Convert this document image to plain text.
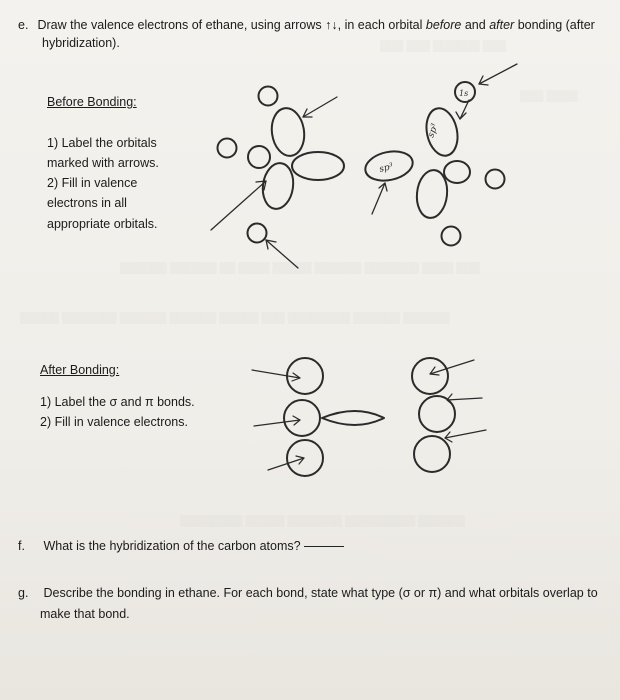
▒▒▒ ▒▒▒ ▒▒▒▒▒▒ ▒▒▒
▒▒▒ ▒▒▒▒
▒▒▒▒▒▒ ▒▒▒▒▒▒ ▒▒ ▒▒▒▒ ▒▒▒▒▒ ▒▒▒▒▒▒ ▒▒▒▒▒▒▒ ▒▒▒▒ ▒▒▒
▒▒▒▒▒ ▒▒▒▒▒▒▒ ▒▒▒▒▒▒ ▒▒▒▒▒▒ ▒▒▒▒▒ ▒▒▒ ▒▒▒▒▒▒▒▒ ▒▒▒▒▒▒ ▒▒▒▒▒▒
▒▒▒▒▒▒▒▒ ▒▒▒▒▒ ▒▒▒▒▒▒▒ ▒▒▒▒▒▒▒▒▒ ▒▒▒▒▒▒
e. Draw the valence electrons of ethane, using arrows ↑↓, in each orbital before and after bonding (after
hybridization).
Before Bonding:
1) Label the orbitals
marked with arrows.
2) Fill in valence
electrons in all
appropriate orbitals.
sp³
sp³
1s
After Bonding:
1) Label the σ and π bonds.
2) Fill in valence electrons.
f. What is the hybridization of the carbon atoms?
g. Describe the bonding in ethane. For each bond, state what type (σ or π) and what orbitals overlap to
make that bond.
